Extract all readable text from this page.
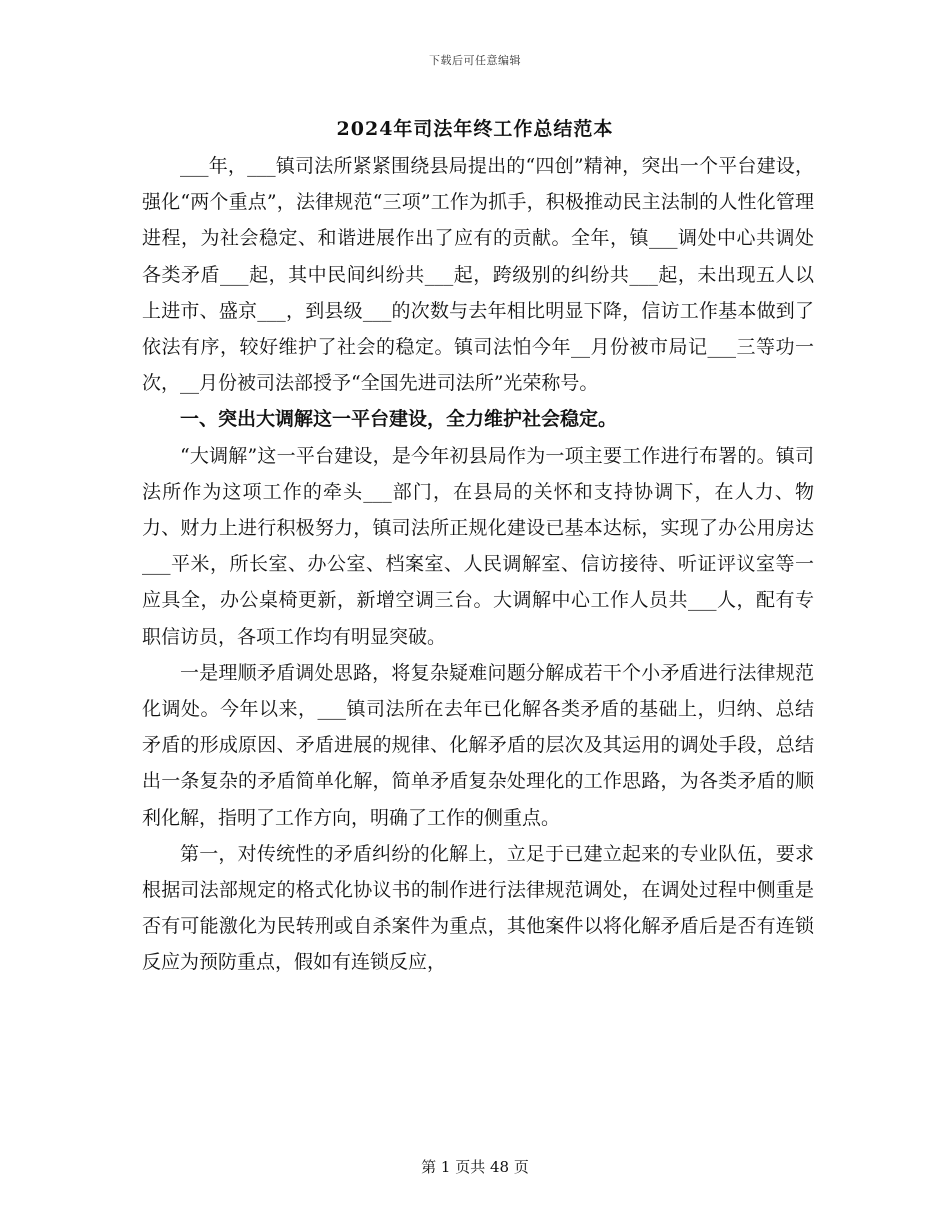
下载后可任意编辑
2024年司法年终工作总结范本

___年，___镇司法所紧紧围绕县局提出的“四创”精神，突出一个平台建设，强化“两个重点”，法律规范“三项”工作为抓手，积极推动民主法制的人性化管理进程，为社会稳定、和谐进展作出了应有的贡献。全年，镇___调处中心共调处各类矛盾___起，其中民间纠纷共___起，跨级别的纠纷共___起，未出现五人以上进市、盛京___，到县级___的次数与去年相比明显下降，信访工作基本做到了依法有序，较好维护了社会的稳定。镇司法怕今年__月份被市局记___三等功一次，__月份被司法部授予“全国先进司法所”光荣称号。

一、突出大调解这一平台建设，全力维护社会稳定。

“大调解”这一平台建设，是今年初县局作为一项主要工作进行布署的。镇司法所作为这项工作的牵头___部门，在县局的关怀和支持协调下，在人力、物力、财力上进行积极努力，镇司法所正规化建设已基本达标，实现了办公用房达___平米，所长室、办公室、档案室、人民调解室、信访接待、听证评议室等一应具全，办公桌椅更新，新增空调三台。大调解中心工作人员共___人，配有专职信访员，各项工作均有明显突破。

一是理顺矛盾调处思路，将复杂疑难问题分解成若干个小矛盾进行法律规范化调处。今年以来，___镇司法所在去年已化解各类矛盾的基础上，归纳、总结矛盾的形成原因、矛盾进展的规律、化解矛盾的层次及其运用的调处手段，总结出一条复杂的矛盾简单化解，简单矛盾复杂处理化的工作思路，为各类矛盾的顺利化解，指明了工作方向，明确了工作的侧重点。

第一，对传统性的矛盾纠纷的化解上，立足于已建立起来的专业队伍，要求根据司法部规定的格式化协议书的制作进行法律规范调处，在调处过程中侧重是否有可能激化为民转刑或自杀案件为重点，其他案件以将化解矛盾后是否有连锁反应为预防重点，假如有连锁反应，

第 1 页共 48 页
